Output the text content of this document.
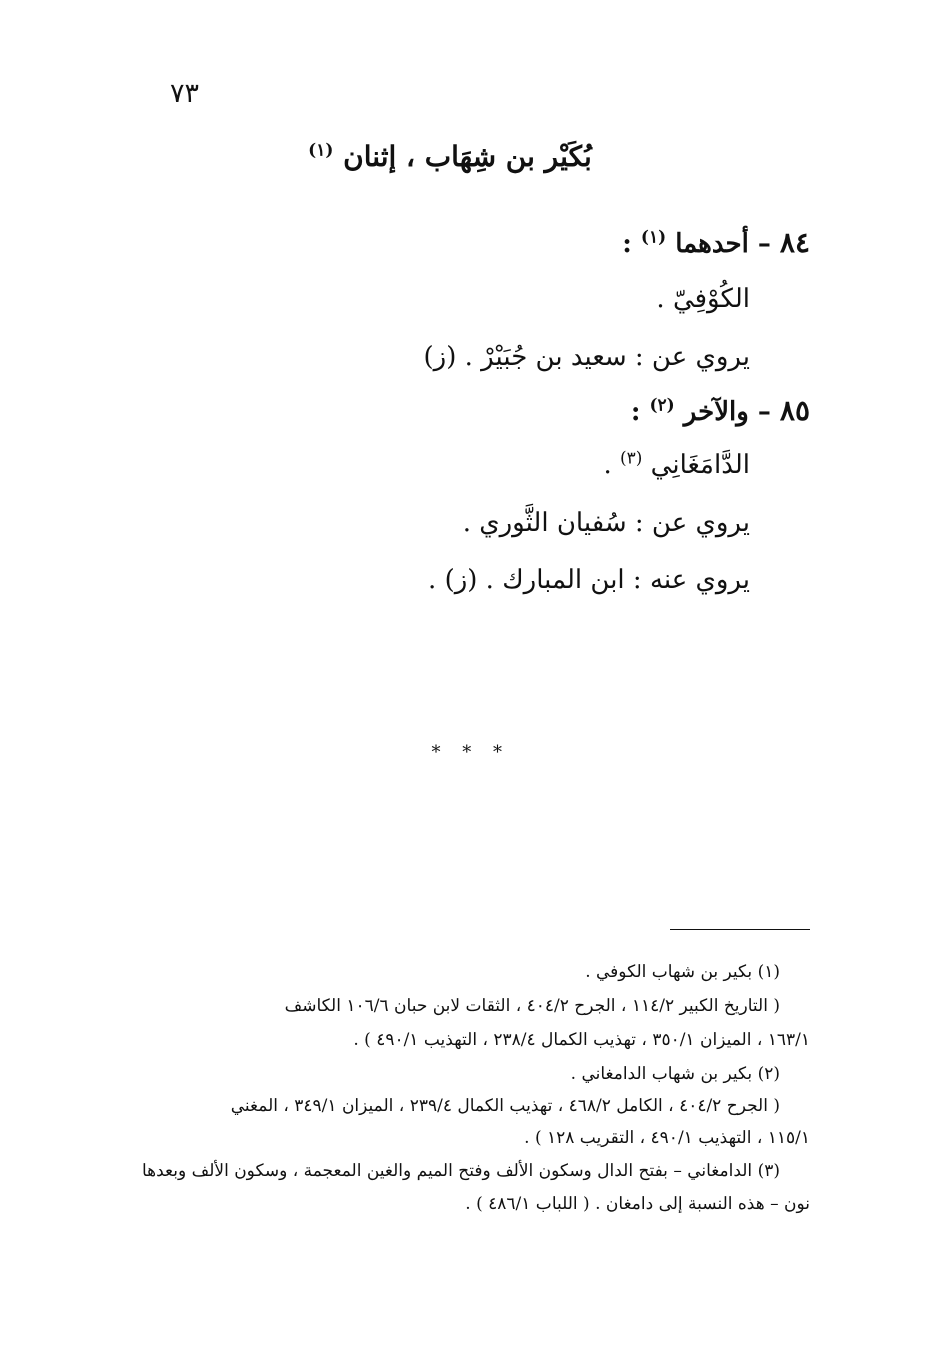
٧٣
بُكَيْر بن شِهَاب ، إثنان $^{(١)}$
٨٤ – أحدهما $^{(١)}$ :
الكُوْفِيّ .
يروي عن : سعيد بن جُبَيْرْ . (ز)
٨٥ – والآخر $^{(٢)}$ :
الدَّامَغَانِي $^{(٣)}$ .
يروي عن : سُفيان الثَّوري .
يروي عنه : ابن المبارك . (ز) .
* * *
(١) بكير بن شهاب الكوفي .
( التاريخ الكبير ١١٤/٢ ، الجرح ٤٠٤/٢ ، الثقات لابن حبان ١٠٦/٦ الكاشف
١٦٣/١ ، الميزان ٣٥٠/١ ، تهذيب الكمال ٢٣٨/٤ ، التهذيب ٤٩٠/١ ) .
(٢) بكير بن شهاب الدامغاني .
( الجرح ٤٠٤/٢ ، الكامل ٤٦٨/٢ ، تهذيب الكمال ٢٣٩/٤ ، الميزان ٣٤٩/١ ، المغني
١١٥/١ ، التهذيب ٤٩٠/١ ، التقريب ١٢٨ ) .
(٣) الدامغاني – بفتح الدال وسكون الألف وفتح الميم والغين المعجمة ، وسكون الألف وبعدها
نون – هذه النسبة إلى دامغان . ( اللباب ٤٨٦/١ ) .
